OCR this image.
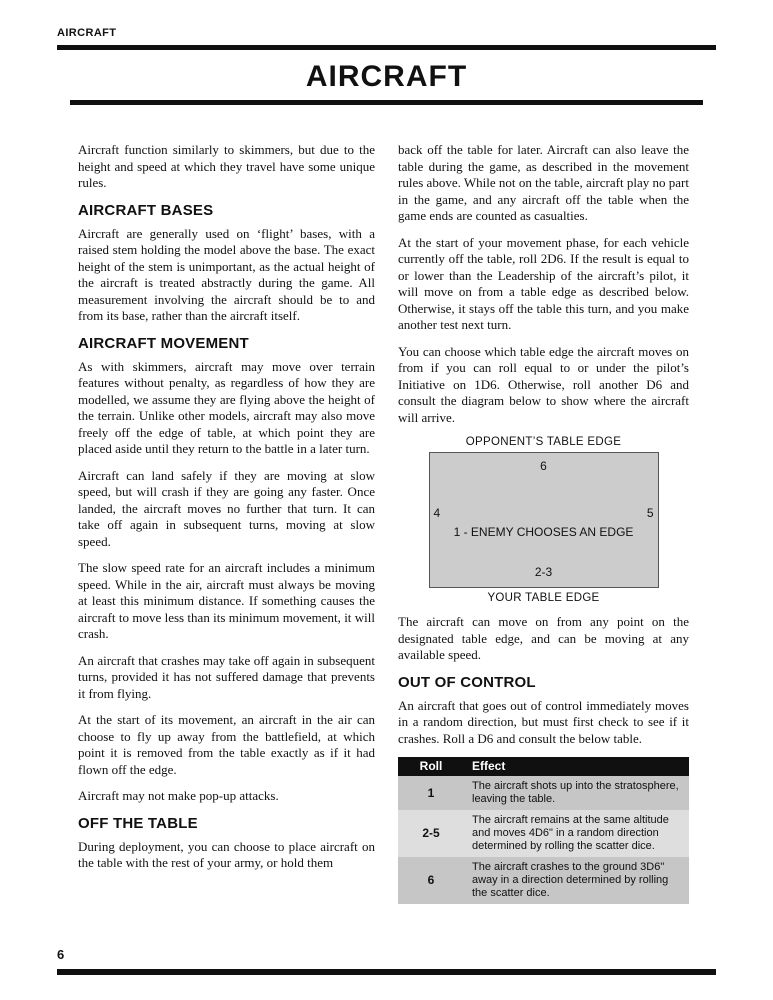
AIRCRAFT
AIRCRAFT

Aircraft function similarly to skimmers, but due to the height and speed at which they travel have some unique rules.

AIRCRAFT BASES

Aircraft are generally used on ‘flight’ bases, with a raised stem holding the model above the base. The exact height of the stem is unimportant, as the actual height of the aircraft is treated abstractly during the game. All measurement involving the aircraft should be to and from its base, rather than the aircraft itself.

AIRCRAFT MOVEMENT

As with skimmers, aircraft may move over terrain features without penalty, as regardless of how they are modelled, we assume they are flying above the height of the terrain. Unlike other models, aircraft may also move freely off the edge of table, at which point they are placed aside until they return to the battle in a later turn.

Aircraft can land safely if they are moving at slow speed, but will crash if they are going any faster. Once landed, the aircraft moves no further that turn. It can take off again in subsequent turns, moving at slow speed.

The slow speed rate for an aircraft includes a minimum speed. While in the air, aircraft must always be moving at least this minimum distance. If something causes the aircraft to move less than its minimum movement, it will crash.

An aircraft that crashes may take off again in subsequent turns, provided it has not suffered damage that prevents it from flying.

At the start of its movement, an aircraft in the air can choose to fly up away from the battlefield, at which point it is removed from the table exactly as if it had flown off the edge.

Aircraft may not make pop-up attacks.

OFF THE TABLE

During deployment, you can choose to place aircraft on the table with the rest of your army, or hold them

back off the table for later. Aircraft can also leave the table during the game, as described in the movement rules above. While not on the table, aircraft play no part in the game, and any aircraft off the table when the game ends are counted as casualties.

At the start of your movement phase, for each vehicle currently off the table, roll 2D6. If the result is equal to or lower than the Leadership of the aircraft’s pilot, it will move on from a table edge as described below. Otherwise, it stays off the table this turn, and you make another test next turn.

You can choose which table edge the aircraft moves on from if you can roll equal to or under the pilot’s Initiative on 1D6. Otherwise, roll another D6 and consult the diagram below to show where the aircraft will arrive.

OPPONENT’S TABLE EDGE
6
4	5
1 - ENEMY CHOOSES AN EDGE
2-3
YOUR TABLE EDGE

The aircraft can move on from any point on the designated table edge, and can be moving at any available speed.

OUT OF CONTROL

An aircraft that goes out of control immediately moves in a random direction, but must first check to see if it crashes. Roll a D6 and consult the below table.

Roll	Effect
1	The aircraft shots up into the stratosphere, leaving the table.
2-5	The aircraft remains at the same altitude and moves 4D6" in a random direction determined by rolling the scatter dice.
6	The aircraft crashes to the ground 3D6" away in a direction determined by rolling the scatter dice.
6
